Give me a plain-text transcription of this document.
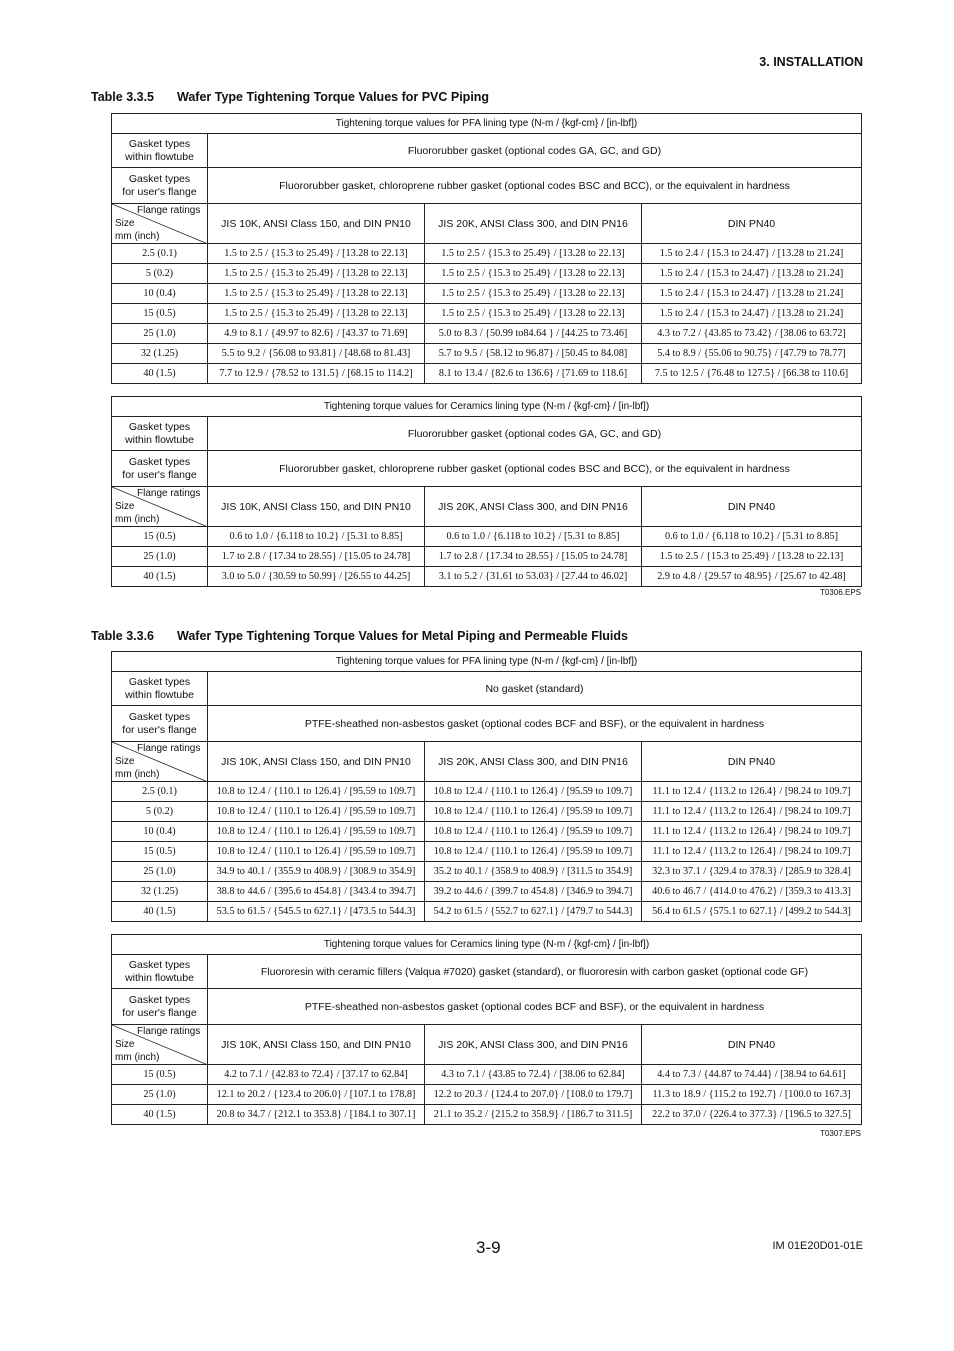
3. INSTALLATION
Table 3.3.5 Wafer Type Tightening Torque Values for PVC Piping
Tightening torque values for PFA lining type (N-m / {kgf-cm} / [in-lbf])			

Gasket types
within flowtube	Fluororubber gasket (optional codes GA, GC, and GD)		

Gasket types
for user's flange	Fluororubber gasket, chloroprene rubber gasket (optional codes BSC and BCC), or the equivalent in hardness		

Flange ratings
Size
mm (inch)	JIS 10K, ANSI Class 150, and DIN PN10	JIS 20K, ANSI Class 300, and DIN PN16	DIN PN40
2.5 (0.1)	1.5 to 2.5 / {15.3 to 25.49} / [13.28 to 22.13]	1.5 to 2.5 / {15.3 to 25.49} / [13.28 to 22.13]	1.5 to 2.4 / {15.3 to 24.47} / [13.28 to 21.24]
5 (0.2)	1.5 to 2.5 / {15.3 to 25.49} / [13.28 to 22.13]	1.5 to 2.5 / {15.3 to 25.49} / [13.28 to 22.13]	1.5 to 2.4 / {15.3 to 24.47} / [13.28 to 21.24]
10 (0.4)	1.5 to 2.5 / {15.3 to 25.49} / [13.28 to 22.13]	1.5 to 2.5 / {15.3 to 25.49} / [13.28 to 22.13]	1.5 to 2.4 / {15.3 to 24.47} / [13.28 to 21.24]
15 (0.5)	1.5 to 2.5 / {15.3 to 25.49} / [13.28 to 22.13]	1.5 to 2.5 / {15.3 to 25.49} / [13.28 to 22.13]	1.5 to 2.4 / {15.3 to 24.47} / [13.28 to 21.24]
25 (1.0)	4.9 to 8.1 / {49.97 to 82.6} / [43.37 to 71.69]	5.0 to 8.3 / {50.99 to84.64 } / [44.25 to 73.46]	4.3 to 7.2 / {43.85 to 73.42} / [38.06 to 63.72]
32 (1.25)	5.5 to 9.2 / {56.08 to 93.81} / [48.68 to 81.43]	5.7 to 9.5 / {58.12 to 96.87} / [50.45 to 84.08]	5.4 to 8.9 / {55.06 to 90.75} / [47.79 to 78.77]
40 (1.5)	7.7 to 12.9 / {78.52 to 131.5} / [68.15 to 114.2]	8.1 to 13.4 / {82.6 to 136.6} / [71.69 to 118.6]	7.5 to 12.5 / {76.48 to 127.5} / [66.38 to 110.6]
Tightening torque values for Ceramics lining type (N-m / {kgf-cm} / [in-lbf])			

Gasket types
within flowtube	Fluororubber gasket (optional codes GA, GC, and GD)		

Gasket types
for user's flange	Fluororubber gasket, chloroprene rubber gasket (optional codes BSC and BCC), or the equivalent in hardness		

Flange ratings
Size
mm (inch)	JIS 10K, ANSI Class 150, and DIN PN10	JIS 20K, ANSI Class 300, and DIN PN16	DIN PN40
15 (0.5)	0.6 to 1.0 / {6.118 to 10.2} / [5.31 to 8.85]	0.6 to 1.0 / {6.118 to 10.2} / [5.31 to 8.85]	0.6 to 1.0 / {6.118 to 10.2} / [5.31 to 8.85]
25 (1.0)	1.7 to 2.8 / {17.34 to 28.55} / [15.05 to 24.78]	1.7 to 2.8 / {17.34 to 28.55} / [15.05 to 24.78]	1.5 to 2.5 / {15.3 to 25.49} / [13.28 to 22.13]
40 (1.5)	3.0 to 5.0 / {30.59 to 50.99} / [26.55 to 44.25]	3.1 to 5.2 / {31.61 to 53.03} / [27.44 to 46.02]	2.9 to 4.8 / {29.57 to 48.95} / [25.67 to 42.48]
T0306.EPS
Table 3.3.6 Wafer Type Tightening Torque Values for Metal Piping and Permeable Fluids
Tightening torque values for PFA lining type (N-m / {kgf-cm} / [in-lbf])			

Gasket types
within flowtube	No gasket (standard)		

Gasket types
for user's flange	PTFE-sheathed non-asbestos gasket (optional codes BCF and BSF), or the equivalent in hardness		

Flange ratings
Size
mm (inch)	JIS 10K, ANSI Class 150, and DIN PN10	JIS 20K, ANSI Class 300, and DIN PN16	DIN PN40
2.5 (0.1)	10.8 to 12.4 / {110.1 to 126.4} / [95.59 to 109.7]	10.8 to 12.4 / {110.1 to 126.4} / [95.59 to 109.7]	11.1 to 12.4 / {113.2 to 126.4} / [98.24 to 109.7]
5 (0.2)	10.8 to 12.4 / {110.1 to 126.4} / [95.59 to 109.7]	10.8 to 12.4 / {110.1 to 126.4} / [95.59 to 109.7]	11.1 to 12.4 / {113.2 to 126.4} / [98.24 to 109.7]
10 (0.4)	10.8 to 12.4 / {110.1 to 126.4} / [95.59 to 109.7]	10.8 to 12.4 / {110.1 to 126.4} / [95.59 to 109.7]	11.1 to 12.4 / {113.2 to 126.4} / [98.24 to 109.7]
15 (0.5)	10.8 to 12.4 / {110.1 to 126.4} / [95.59 to 109.7]	10.8 to 12.4 / {110.1 to 126.4} / [95.59 to 109.7]	11.1 to 12.4 / {113.2 to 126.4} / [98.24 to 109.7]
25 (1.0)	34.9 to 40.1 / {355.9 to 408.9} / [308.9 to 354.9]	35.2 to 40.1 / {358.9 to 408.9} / [311.5 to 354.9]	32.3 to 37.1 / {329.4 to 378.3} / [285.9 to 328.4]
32 (1.25)	38.8 to 44.6 / {395.6 to 454.8} / [343.4 to 394.7]	39.2 to 44.6 / {399.7 to 454.8} / [346.9 to 394.7]	40.6 to 46.7 / {414.0 to 476.2} / [359.3 to 413.3]
40 (1.5)	53.5 to 61.5 / {545.5 to 627.1} / [473.5 to 544.3]	54.2 to 61.5 / {552.7 to 627.1} / [479.7 to 544.3]	56.4 to 61.5 / {575.1 to 627.1} / [499.2 to 544.3]
Tightening torque values for Ceramics lining type (N-m / {kgf-cm} / [in-lbf])			

Gasket types
within flowtube	Fluororesin with ceramic fillers (Valqua #7020) gasket (standard), or fluororesin with carbon gasket (optional code GF)		

Gasket types
for user's flange	PTFE-sheathed non-asbestos gasket (optional codes BCF and BSF), or the equivalent in hardness		

Flange ratings
Size
mm (inch)	JIS 10K, ANSI Class 150, and DIN PN10	JIS 20K, ANSI Class 300, and DIN PN16	DIN PN40
15 (0.5)	4.2 to 7.1 / {42.83 to 72.4} / [37.17 to 62.84]	4.3 to 7.1 / {43.85 to 72.4} / [38.06 to 62.84]	4.4 to 7.3 / {44.87 to 74.44} / [38.94 to 64.61]
25 (1.0)	12.1 to 20.2 / {123.4 to 206.0} / [107.1 to 178.8]	12.2 to 20.3 / {124.4 to 207.0} / [108.0 to 179.7]	11.3 to 18.9 / {115.2 to 192.7} / [100.0 to 167.3]
40 (1.5)	20.8 to 34.7 / {212.1 to 353.8} / [184.1 to 307.1]	21.1 to 35.2 / {215.2 to 358.9} / [186.7 to 311.5]	22.2 to 37.0 / {226.4 to 377.3} / [196.5 to 327.5]
T0307.EPS
3-9	IM 01E20D01-01E
